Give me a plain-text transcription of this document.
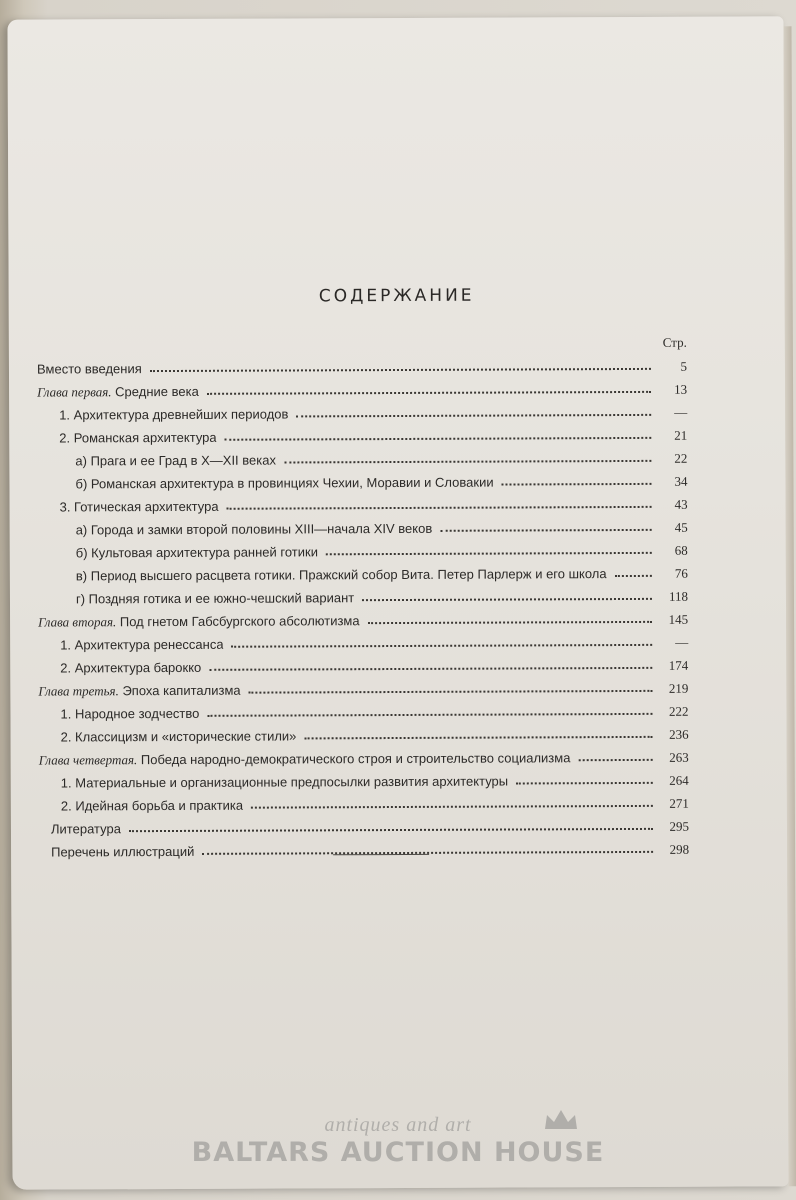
СОДЕРЖАНИЕ
Стр.
Вместо введения	5
Глава первая. Средние века	13
1. Архитектура древнейших периодов	—
2. Романская архитектура	21
а) Прага и ее Град в X—XII веках	22
б) Романская архитектура в провинциях Чехии, Моравии и Словакии	34
3. Готическая архитектура	43
а) Города и замки второй половины XIII—начала XIV веков	45
б) Культовая архитектура ранней готики	68
в) Период высшего расцвета готики. Пражский собор Вита. Петер Парлерж и его школа	76
г) Поздняя готика и ее южно-чешский вариант	118
Глава вторая. Под гнетом Габсбургского абсолютизма	145
1. Архитектура ренессанса	—
2. Архитектура барокко	174
Глава третья. Эпоха капитализма	219
1. Народное зодчество	222
2. Классицизм и «исторические стили»	236
Глава четвертая. Победа народно-демократического строя и строительство социализма	263
1. Материальные и организационные предпосылки развития архитектуры	264
2. Идейная борьба и практика	271
Литература	295
Перечень иллюстраций	298
antiques and art
BALTARS AUCTION HOUSE
